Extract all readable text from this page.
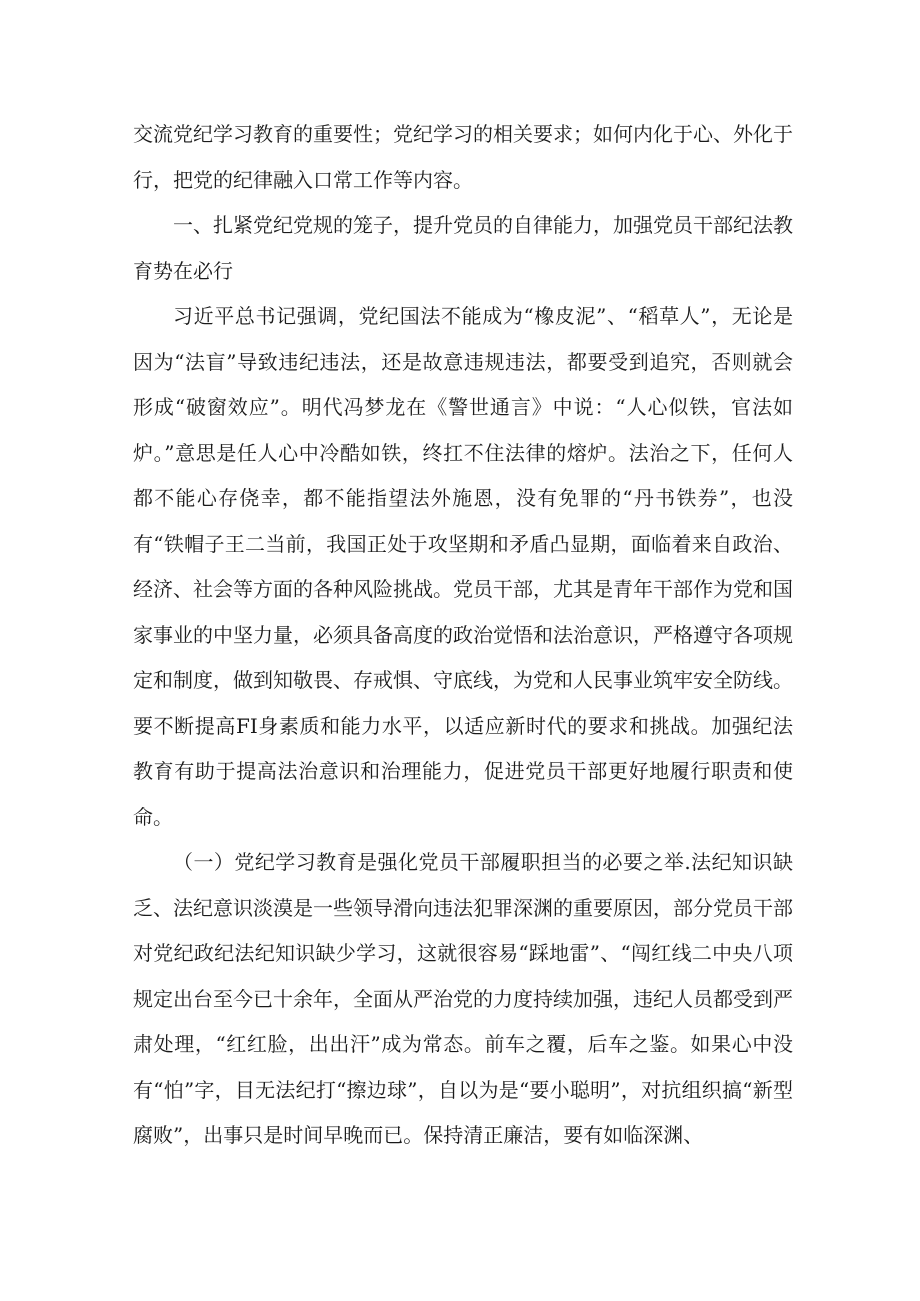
交流党纪学习教育的重要性；党纪学习的相关要求；如何内化于心、外化于行，把党的纪律融入口常工作等内容。

一、扎紧党纪党规的笼子，提升党员的自律能力，加强党员干部纪法教育势在必行

习近平总书记强调，党纪国法不能成为“橡皮泥”、“稻草人”，无论是因为“法盲”导致违纪违法，还是故意违规违法，都要受到追究，否则就会形成“破窗效应”。明代冯梦龙在《警世通言》中说：“人心似铁，官法如炉。”意思是任人心中冷酷如铁，终扛不住法律的熔炉。法治之下，任何人都不能心存侥幸，都不能指望法外施恩，没有免罪的“丹书铁券”，也没有“铁帽子王二当前，我国正处于攻坚期和矛盾凸显期，面临着来自政治、经济、社会等方面的各种风险挑战。党员干部，尤其是青年干部作为党和国家事业的中坚力量，必须具备高度的政治觉悟和法治意识，严格遵守各项规定和制度，做到知敬畏、存戒惧、守底线，为党和人民事业筑牢安全防线。要不断提高FI身素质和能力水平，以适应新时代的要求和挑战。加强纪法教育有助于提高法治意识和治理能力，促进党员干部更好地履行职责和使命。

（一）党纪学习教育是强化党员干部履职担当的必要之举.法纪知识缺乏、法纪意识淡漠是一些领导滑向违法犯罪深渊的重要原因，部分党员干部对党纪政纪法纪知识缺少学习，这就很容易“踩地雷”、“闯红线二中央八项规定出台至今已十余年，全面从严治党的力度持续加强，违纪人员都受到严肃处理，“红红脸，出出汗”成为常态。前车之覆，后车之鉴。如果心中没有“怕”字，目无法纪打“擦边球”，自以为是“要小聪明”，对抗组织搞“新型腐败”，出事只是时间早晚而已。保持清正廉洁，要有如临深渊、
